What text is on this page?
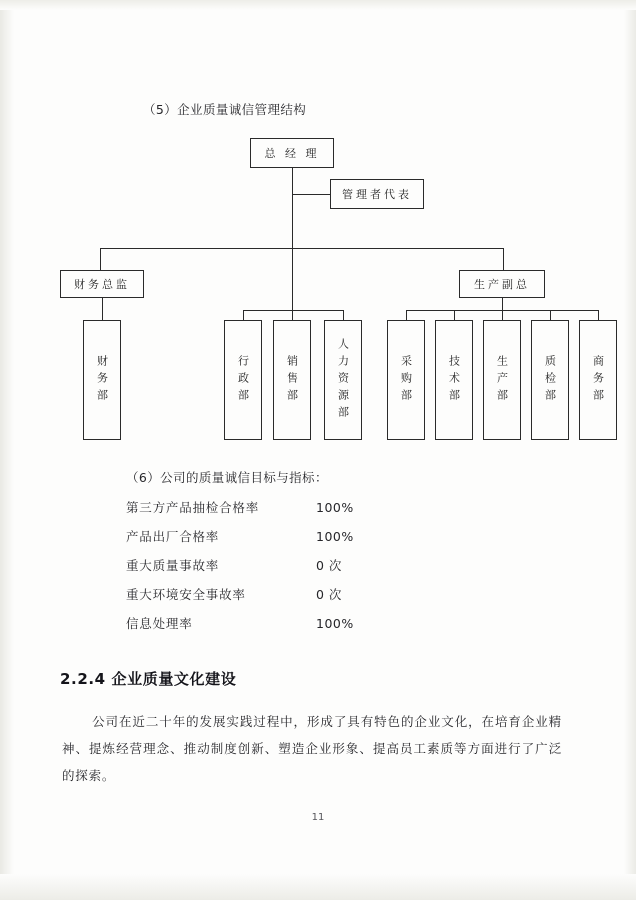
（5）企业质量诚信管理结构
总 经 理
管理者代表
财务总监	生产副总
财务部	行政部	销售部	人力资源部	采购部	技术部	生产部	质检部	商务部
（6）公司的质量诚信目标与指标：
第三方产品抽检合格率	100%
产品出厂合格率	100%
重大质量事故率	0 次
重大环境安全事故率	0 次
信息处理率	100%
2.2.4 企业质量文化建设
公司在近二十年的发展实践过程中，形成了具有特色的企业文化，在培育企业精神、提炼经营理念、推动制度创新、塑造企业形象、提高员工素质等方面进行了广泛的探索。
11
